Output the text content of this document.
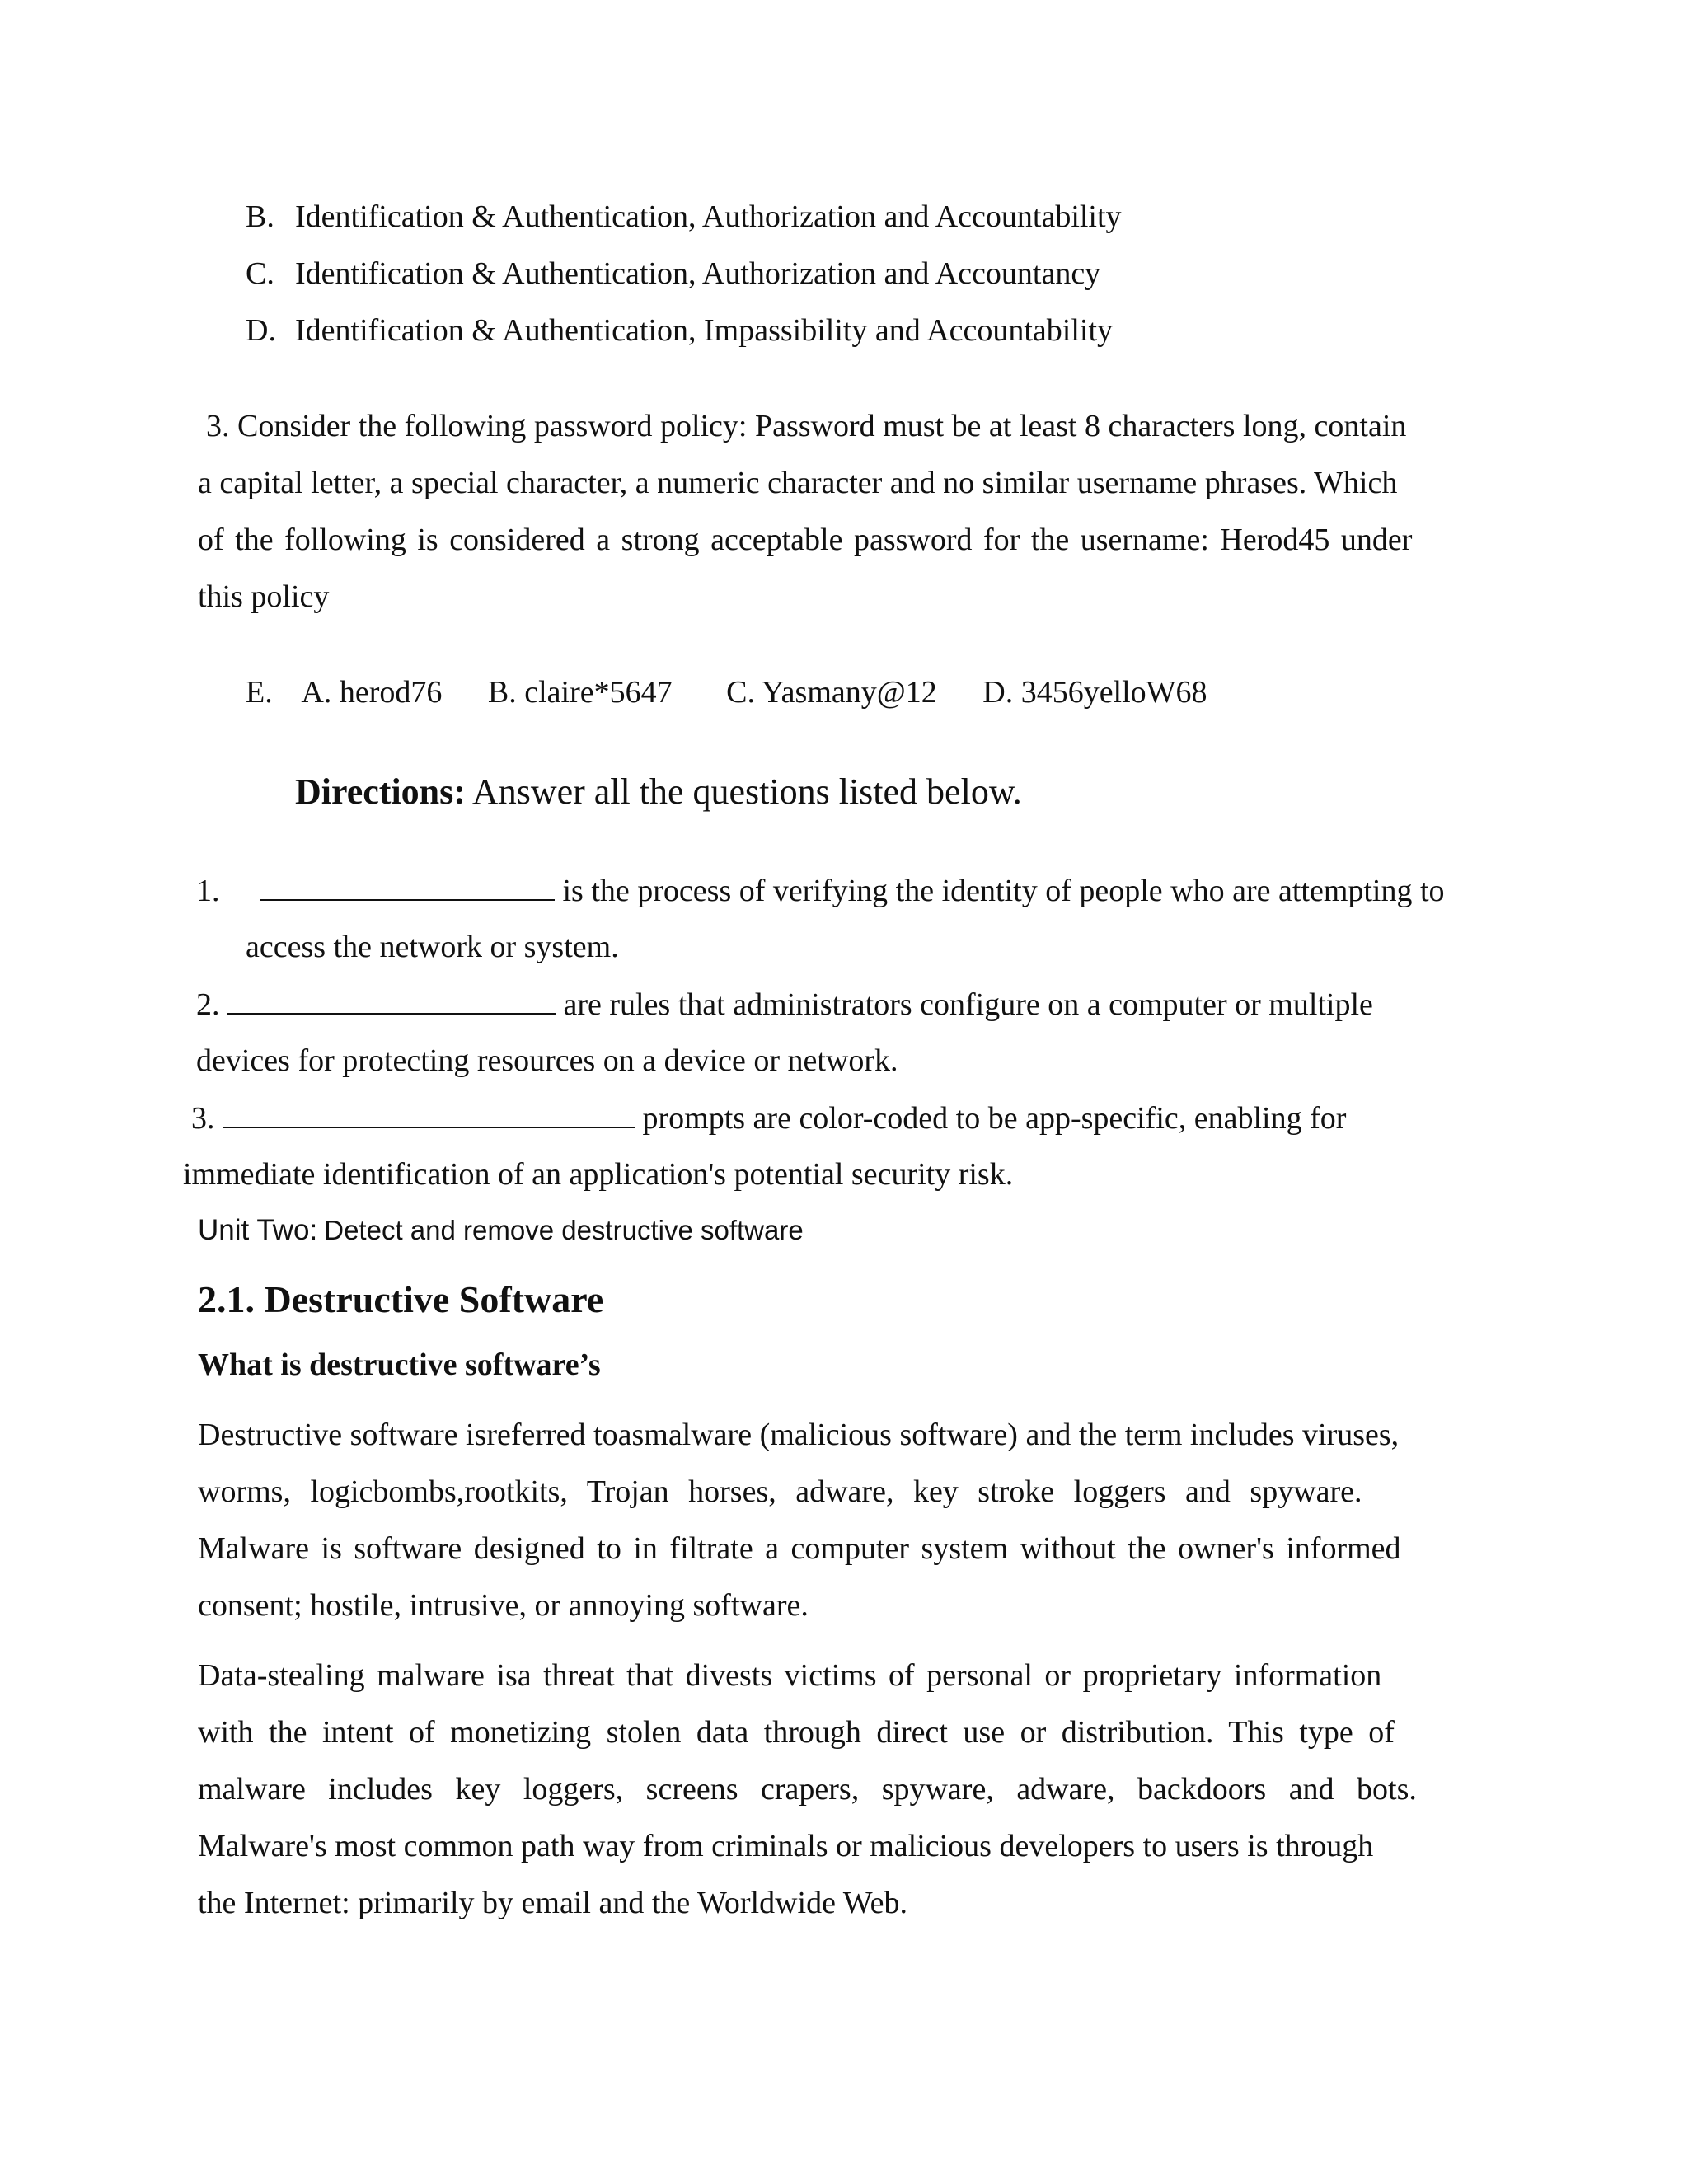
B. Identification & Authentication, Authorization and Accountability
C. Identification & Authentication, Authorization and Accountancy
D. Identification & Authentication, Impassibility and Accountability
3. Consider the following password policy: Password must be at least 8 characters long, contain
a capital letter, a special character, a numeric character and no similar username phrases. Which
of the following is considered a strong acceptable password for the username: Herod45 under
this policy
E. A. herod76 B. claire*5647 C. Yasmany@12 D. 3456yelloW68
Directions: Answer all the questions listed below.
1.	is the process of verifying the identity of people who are attempting to
access the network or system.
2.	are rules that administrators configure on a computer or multiple
devices for protecting resources on a device or network.
3.	prompts are color-coded to be app-specific, enabling for
immediate identification of an application's potential security risk.
Unit Two: Detect and remove destructive software
2.1. Destructive Software
What is destructive software’s
Destructive software isreferred toasmalware (malicious software) and the term includes viruses,
worms, logicbombs,rootkits, Trojan horses, adware, key stroke loggers and spyware.
Malware is software designed to in filtrate a computer system without the owner's informed
consent; hostile, intrusive, or annoying software.
Data-stealing malware isa threat that divests victims of personal or proprietary information
with the intent of monetizing stolen data through direct use or distribution. This type of
malware includes key loggers, screens crapers, spyware, adware, backdoors and bots.
Malware's most common path way from criminals or malicious developers to users is through
the Internet: primarily by email and the Worldwide Web.
